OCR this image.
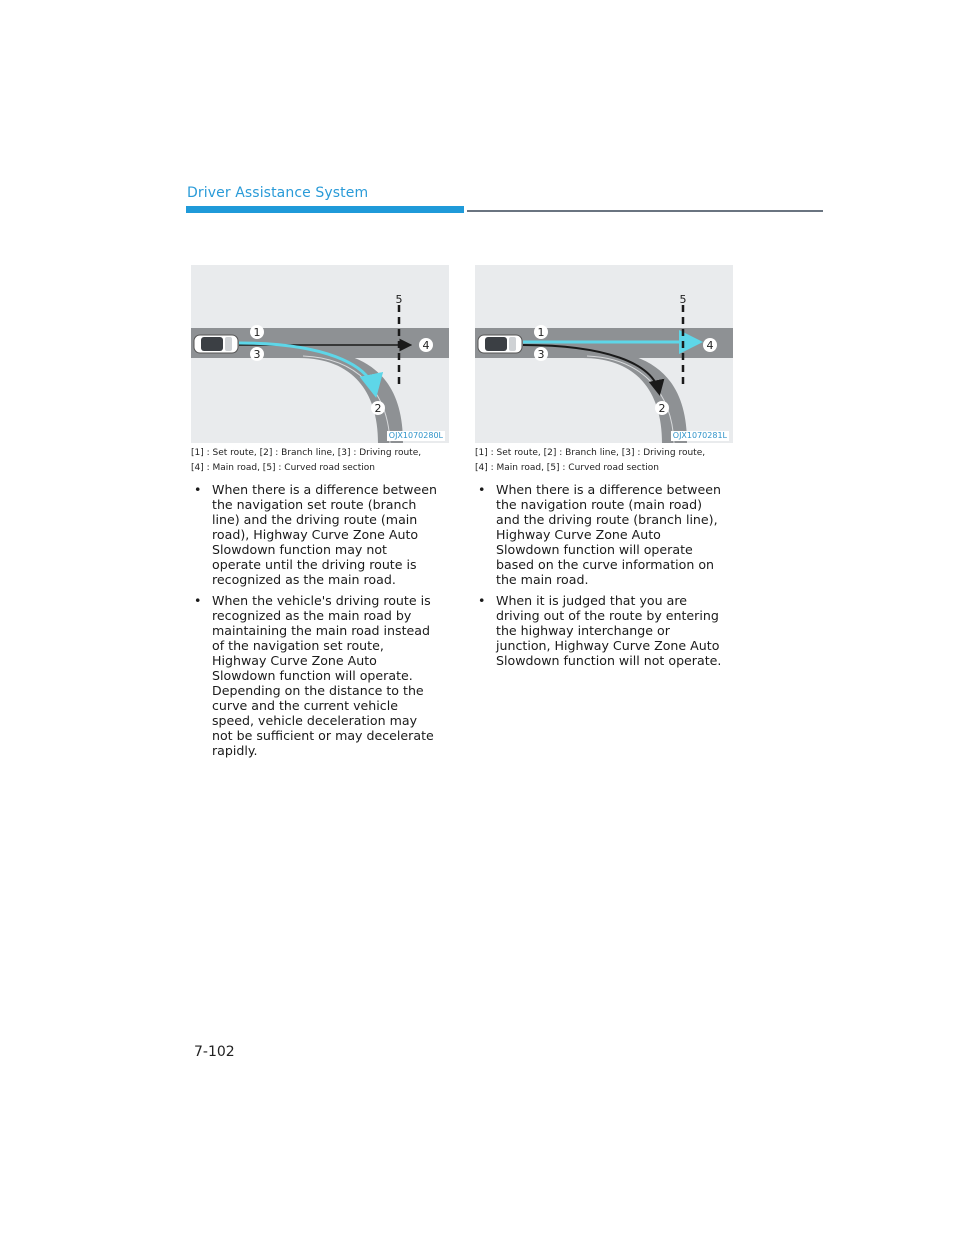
Driver Assistance System
1
2
3
4
5
OJX1070280L
[1] : Set route, [2] : Branch line, [3] : Driving route,
[4] : Main road, [5] : Curved road section
1
2
3
4
5
OJX1070281L
[1] : Set route, [2] : Branch line, [3] : Driving route,
[4] : Main road, [5] : Curved road section
• When there is a difference between the navigation set route (branch line) and the driving route (main road), Highway Curve Zone Auto Slowdown function may not operate until the driving route is recognized as the main road.
• When the vehicle's driving route is recognized as the main road by maintaining the main road instead of the navigation set route, Highway Curve Zone Auto Slowdown function will operate. Depending on the distance to the curve and the current vehicle speed, vehicle deceleration may not be sufficient or may decelerate rapidly.
• When there is a difference between the navigation route (main road) and the driving route (branch line), Highway Curve Zone Auto Slowdown function will operate based on the curve information on the main road.
• When it is judged that you are driving out of the route by entering the highway interchange or junction, Highway Curve Zone Auto Slowdown function will not operate.
7-102
